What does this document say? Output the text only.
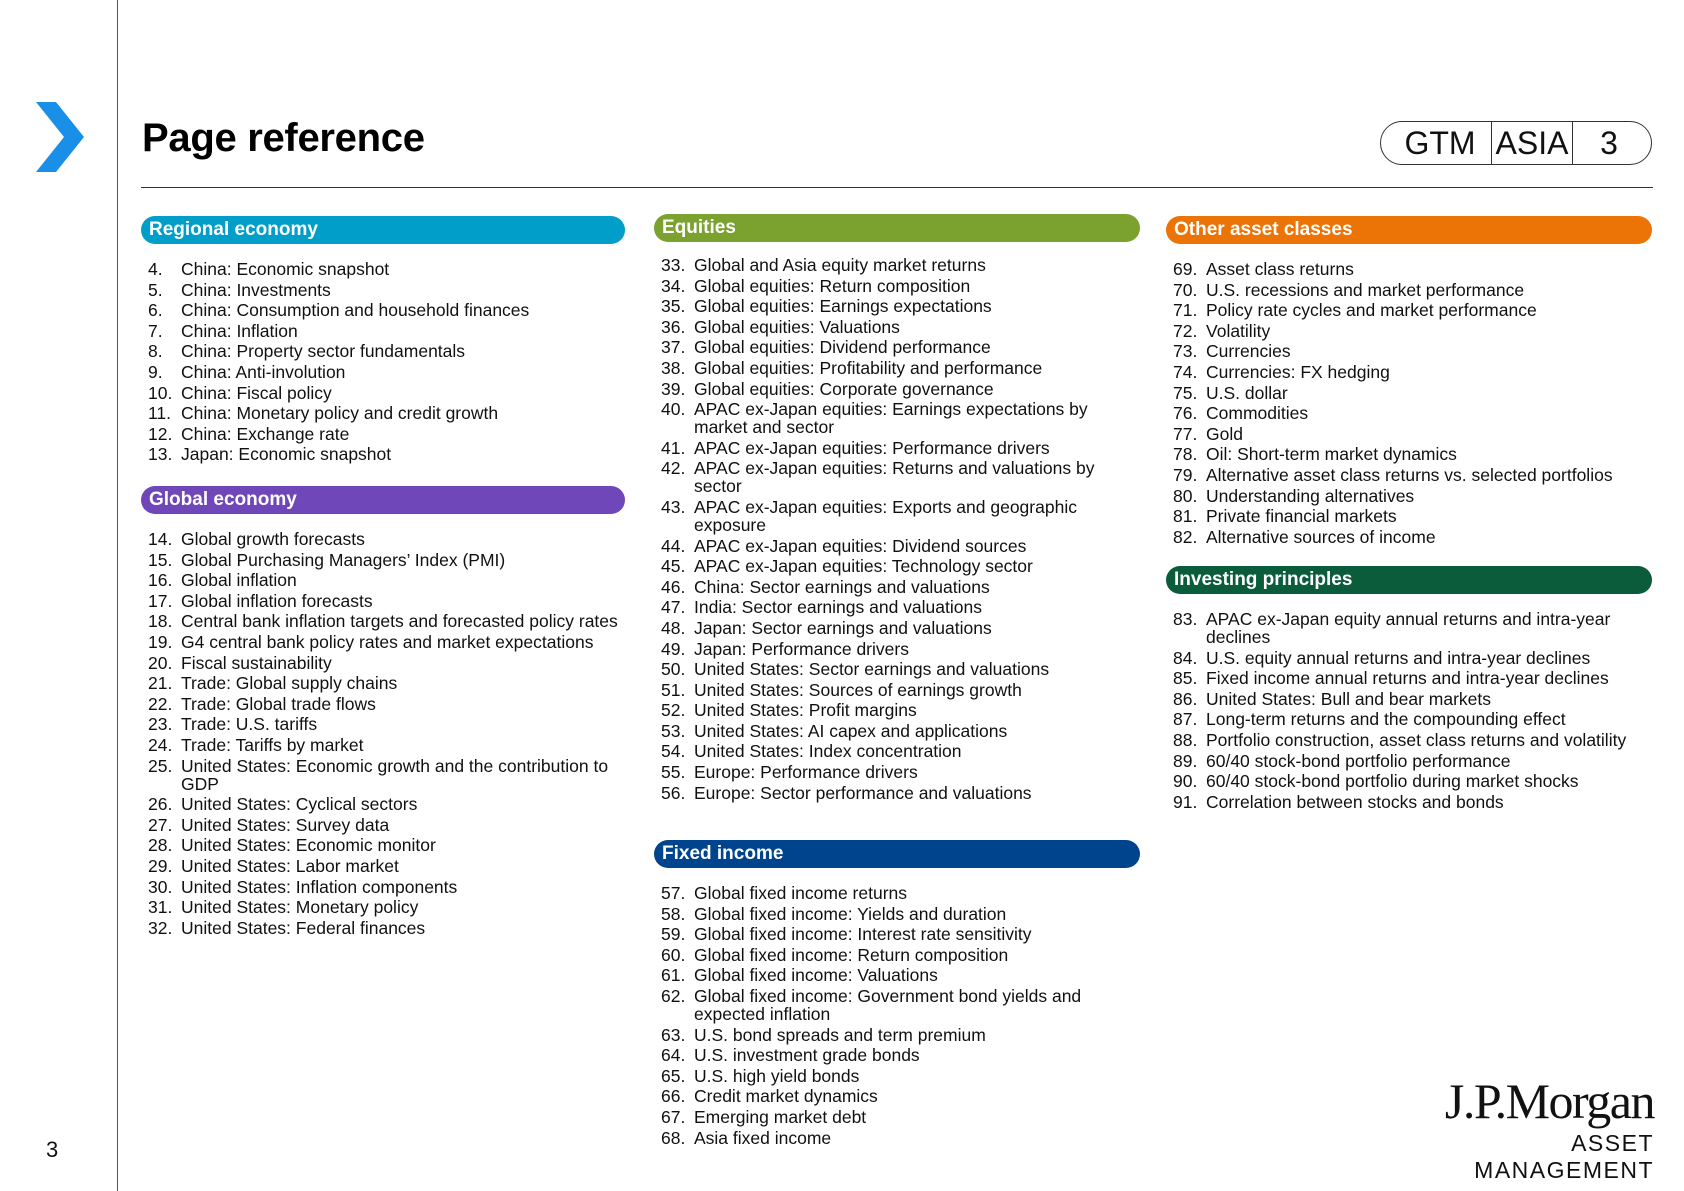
3
Page reference	GTM ASIA 3
Regional economy
4.	China: Economic snapshot
5.	China: Investments
6.	China: Consumption and household finances
7.	China: Inflation
8.	China: Property sector fundamentals
9.	China: Anti-involution
10. China: Fiscal policy
11. China: Monetary policy and credit growth
12. China: Exchange rate
13. Japan: Economic snapshot
Global economy
14. Global growth forecasts
15. Global Purchasing Managers’ Index (PMI)
16. Global inflation
17. Global inflation forecasts
18. Central bank inflation targets and forecasted policy rates
19. G4 central bank policy rates and market expectations
20. Fiscal sustainability
21. Trade: Global supply chains
22. Trade: Global trade flows
23. Trade: U.S. tariffs
24. Trade: Tariffs by market
25. United States: Economic growth and the contribution to GDP
26. United States: Cyclical sectors
27. United States: Survey data
28. United States: Economic monitor
29. United States: Labor market
30. United States: Inflation components
31. United States: Monetary policy
32. United States: Federal finances
Equities
33. Global and Asia equity market returns
34. Global equities: Return composition
35. Global equities: Earnings expectations
36. Global equities: Valuations
37. Global equities: Dividend performance
38. Global equities: Profitability and performance
39. Global equities: Corporate governance
40. APAC ex-Japan equities: Earnings expectations by market and sector
41. APAC ex-Japan equities: Performance drivers
42. APAC ex-Japan equities: Returns and valuations by sector
43. APAC ex-Japan equities: Exports and geographic exposure
44. APAC ex-Japan equities: Dividend sources
45. APAC ex-Japan equities: Technology sector
46. China: Sector earnings and valuations
47. India: Sector earnings and valuations
48. Japan: Sector earnings and valuations
49. Japan: Performance drivers
50. United States: Sector earnings and valuations
51. United States: Sources of earnings growth
52. United States: Profit margins
53. United States: AI capex and applications
54. United States: Index concentration
55. Europe: Performance drivers
56. Europe: Sector performance and valuations
Fixed income
57. Global fixed income returns
58. Global fixed income: Yields and duration
59. Global fixed income: Interest rate sensitivity
60. Global fixed income: Return composition
61. Global fixed income: Valuations
62. Global fixed income: Government bond yields and expected inflation
63. U.S. bond spreads and term premium
64. U.S. investment grade bonds
65. U.S. high yield bonds
66. Credit market dynamics
67. Emerging market debt
68. Asia fixed income
Other asset classes
69. Asset class returns
70. U.S. recessions and market performance
71. Policy rate cycles and market performance
72. Volatility
73. Currencies
74. Currencies: FX hedging
75. U.S. dollar
76. Commodities
77. Gold
78. Oil: Short-term market dynamics
79. Alternative asset class returns vs. selected portfolios
80. Understanding alternatives
81. Private financial markets
82. Alternative sources of income
Investing principles
83. APAC ex-Japan equity annual returns and intra-year declines
84. U.S. equity annual returns and intra-year declines
85. Fixed income annual returns and intra-year declines
86. United States: Bull and bear markets
87. Long-term returns and the compounding effect
88. Portfolio construction, asset class returns and volatility
89. 60/40 stock-bond portfolio performance
90. 60/40 stock-bond portfolio during market shocks
91. Correlation between stocks and bonds
J.P.Morgan
ASSET MANAGEMENT
